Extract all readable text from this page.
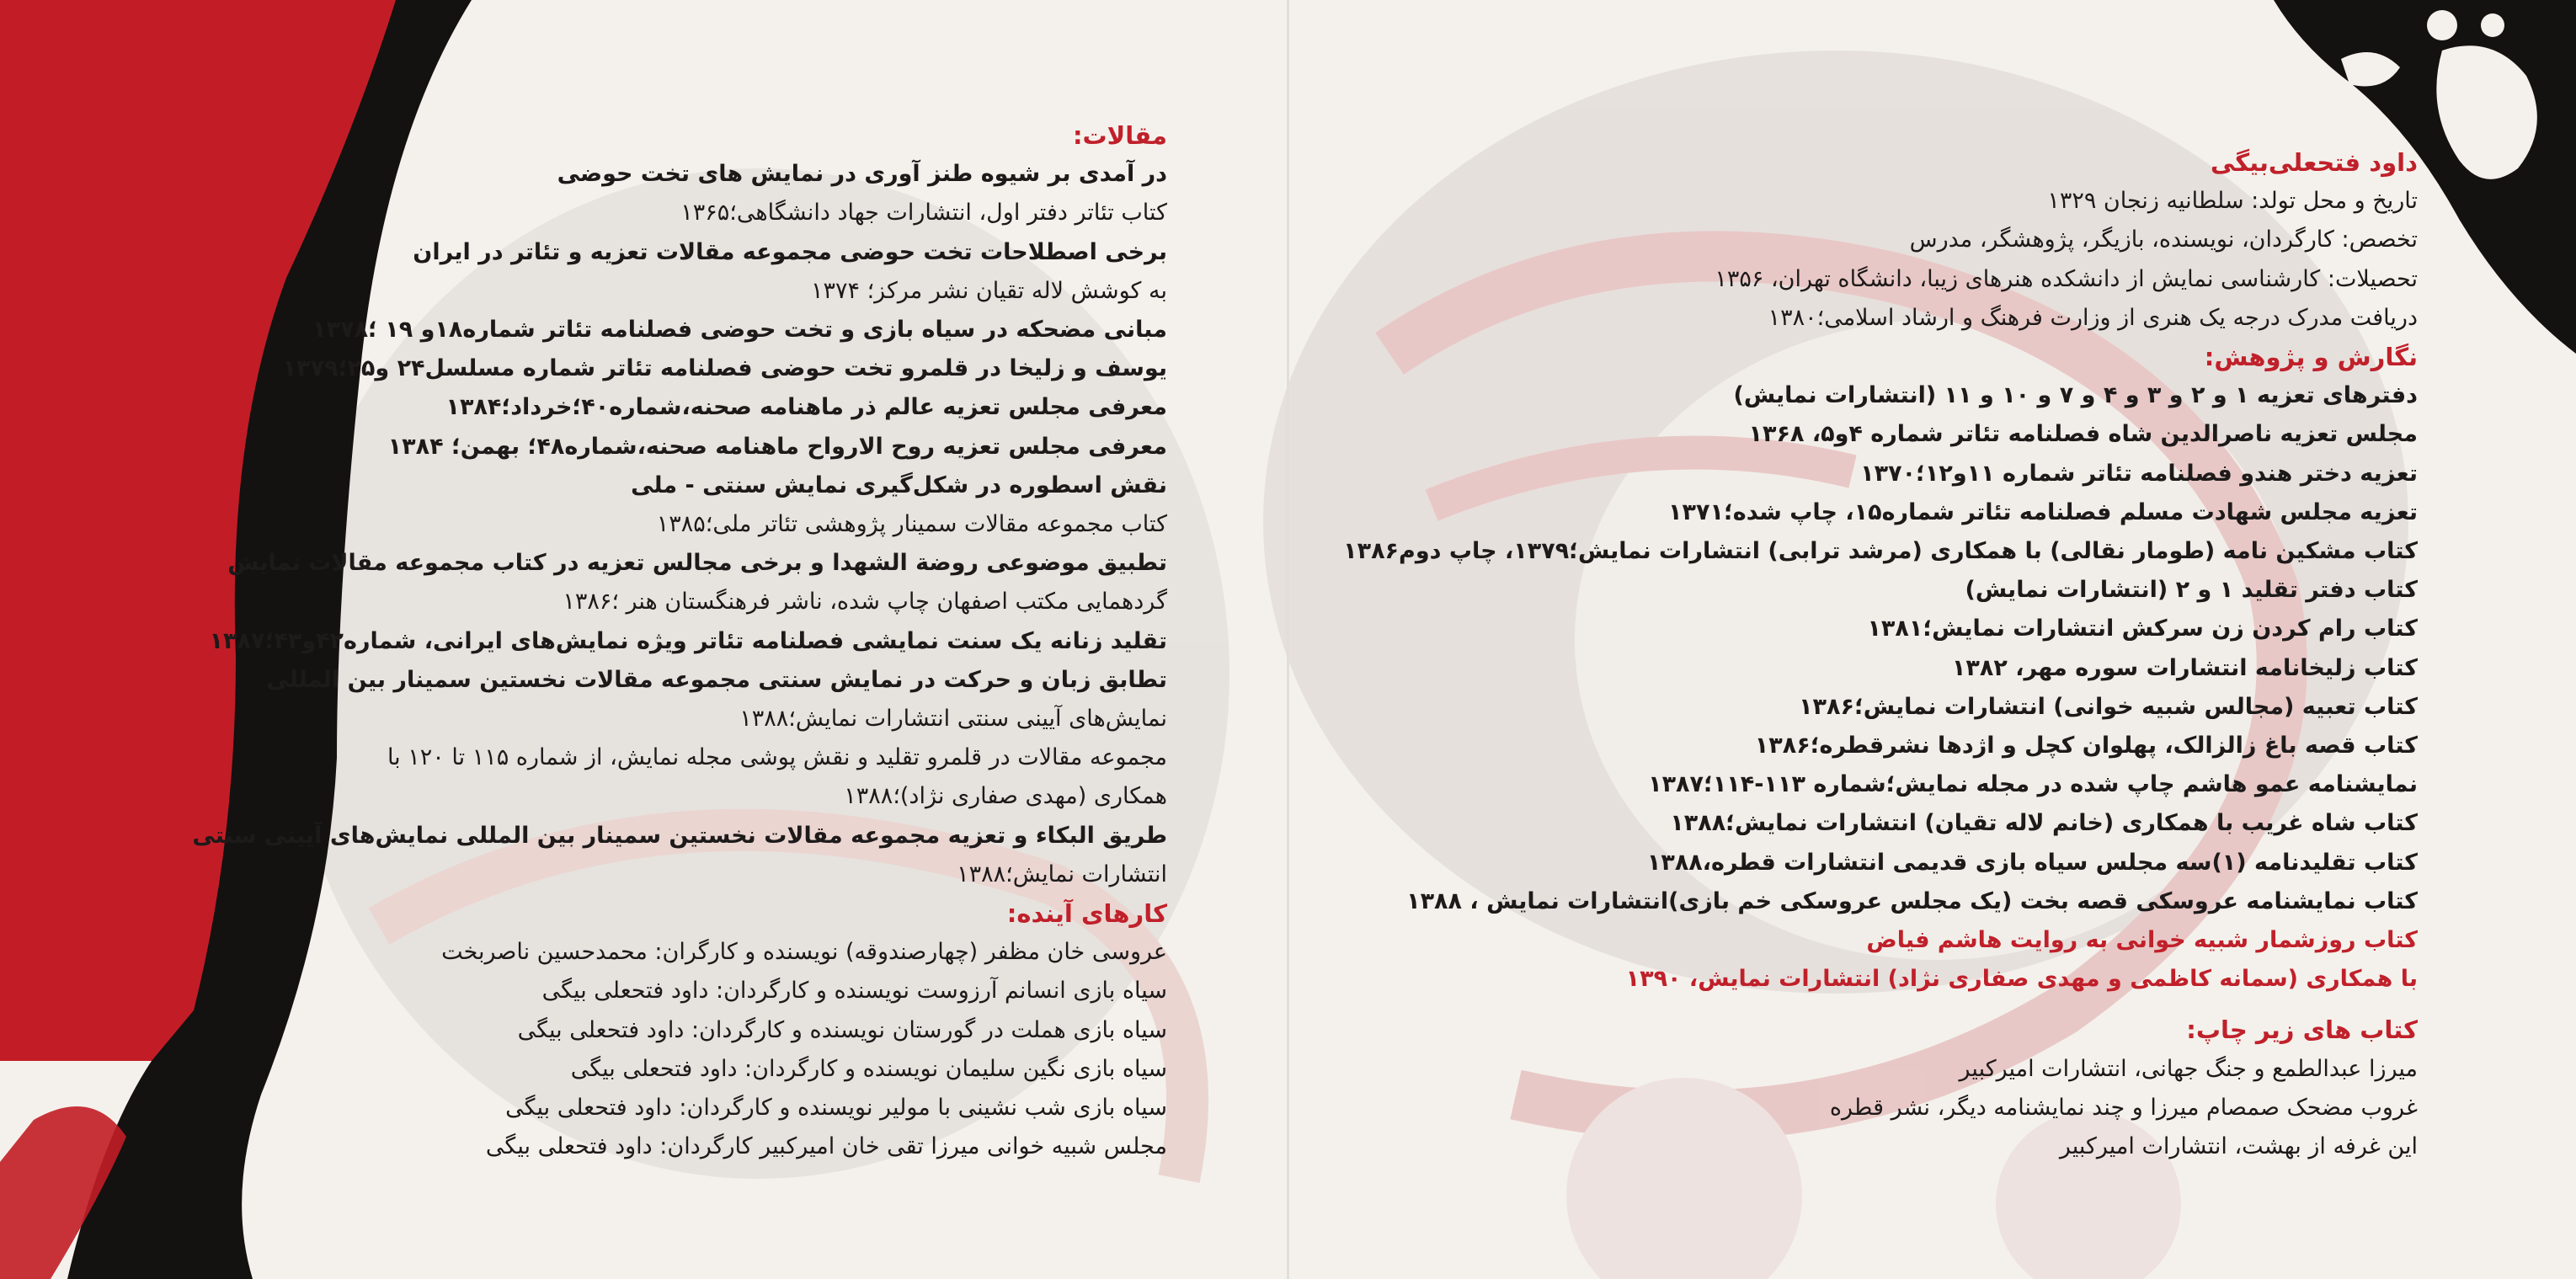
مقالات:
در آمدی بر شیوه طنز آوری در نمایش های تخت حوضی
کتاب تئاتر دفتر اول، انتشارات جهاد دانشگاهی؛۱۳۶۵
برخی اصطلاحات تخت حوضی مجموعه مقالات تعزیه و تئاتر در ایران
به کوشش لاله تقیان نشر مرکز؛ ۱۳۷۴
مبانی مضحکه در سیاه بازی و تخت حوضی فصلنامه تئاتر شماره۱۸و ۱۹ ؛۱۳۷۸
یوسف و زلیخا در قلمرو تخت حوضی فصلنامه تئاتر شماره مسلسل۲۴ و۲۵؛۱۳۷۹
معرفی مجلس تعزیه عالم ذر ماهنامه صحنه،شماره۴۰؛خرداد؛۱۳۸۴
معرفی مجلس تعزیه روح الارواح ماهنامه صحنه،شماره۴۸؛ بهمن؛ ۱۳۸۴
نقش اسطوره در شکل‌گیری نمایش سنتی - ملی
کتاب مجموعه مقالات سمینار پژوهشی تئاتر ملی؛۱۳۸۵
تطبیق موضوعی روضة الشهدا و برخی مجالس تعزیه در کتاب مجموعه مقالات نمایش
گردهمایی مکتب اصفهان چاپ شده، ناشر فرهنگستان هنر ؛۱۳۸۶
تقلید زنانه یک سنت نمایشی فصلنامه تئاتر ویژه نمایش‌های ایرانی، شماره۴۲و۴۳؛۱۳۸۷
تطابق زبان و حرکت در نمایش سنتی مجموعه مقالات نخستین سمینار بین المللی
نمایش‌های آیینی سنتی انتشارات نمایش؛۱۳۸۸
مجموعه مقالات در قلمرو تقلید و نقش پوشی مجله نمایش، از شماره ۱۱۵ تا ۱۲۰ با
همکاری (مهدی صفاری نژاد)؛۱۳۸۸
طریق البکاء و تعزیه مجموعه مقالات نخستین سمینار بین المللی نمایش‌های آیینی سنتی
انتشارات نمایش؛۱۳۸۸
کارهای آینده:
عروسی خان مظفر (چهارصندوقه) نویسنده و کارگران: محمدحسین ناصربخت
سیاه بازی انسانم آرزوست نویسنده و کارگردان: داود فتحعلی بیگی
سیاه بازی هملت در گورستان نویسنده و کارگردان: داود فتحعلی بیگی
سیاه بازی نگین سلیمان نویسنده و کارگردان: داود فتحعلی بیگی
سیاه بازی شب نشینی با مولیر نویسنده و کارگردان: داود فتحعلی بیگی
مجلس شبیه خوانی میرزا تقی خان امیرکبیر کارگردان: داود فتحعلی بیگی
داود فتحعلی‌بیگی
تاریخ و محل تولد: سلطانیه زنجان ۱۳۲۹
تخصص: کارگردان، نویسنده، بازیگر، پژوهشگر، مدرس
تحصیلات: کارشناسی نمایش از دانشکده هنرهای زیبا، دانشگاه تهران، ۱۳۵۶
دریافت مدرک درجه یک هنری از وزارت فرهنگ و ارشاد اسلامی؛۱۳۸۰
نگارش و پژوهش:
دفترهای تعزیه ۱ و ۲ و ۳ و ۴ و ۷ و ۱۰ و ۱۱ (انتشارات نمایش)
مجلس تعزیه ناصرالدین شاه فصلنامه تئاتر شماره ۴و۵، ۱۳۶۸
تعزیه دختر هندو فصلنامه تئاتر شماره ۱۱و۱۲؛۱۳۷۰
تعزیه مجلس شهادت مسلم فصلنامه تئاتر شماره۱۵، چاپ شده؛۱۳۷۱
کتاب مشکین نامه (طومار نقالی) با همکاری (مرشد ترابی) انتشارات نمایش؛۱۳۷۹، چاپ دوم۱۳۸۶
کتاب دفتر تقلید ۱ و ۲ (انتشارات نمایش)
کتاب رام کردن زن سرکش انتشارات نمایش؛۱۳۸۱
کتاب زلیخانامه انتشارات سوره مهر، ۱۳۸۲
کتاب تعبیه (مجالس شبیه خوانی) انتشارات نمایش؛۱۳۸۶
کتاب قصه باغ زالزالک، پهلوان کچل و اژدها نشرقطره؛۱۳۸۶
نمایشنامه عمو هاشم چاپ شده در مجله نمایش؛شماره ۱۱۳-۱۱۴؛۱۳۸۷
کتاب شاه غریب با همکاری (خانم لاله تقیان) انتشارات نمایش؛۱۳۸۸
کتاب تقلیدنامه (۱)سه مجلس سیاه بازی قدیمی انتشارات قطره،۱۳۸۸
کتاب نمایشنامه عروسکی قصه بخت (یک مجلس عروسکی خم بازی)انتشارات نمایش ، ۱۳۸۸
کتاب روزشمار شبیه خوانی به روایت هاشم فیاض
با همکاری (سمانه کاظمی و مهدی صفاری نژاد) انتشارات نمایش، ۱۳۹۰
کتاب های زیر چاپ:
میرزا عبدالطمع و جنگ جهانی، انتشارات امیرکبیر
غروب مضحک صمصام میرزا و چند نمایشنامه دیگر، نشر قطره
این غرفه از بهشت، انتشارات امیرکبیر
